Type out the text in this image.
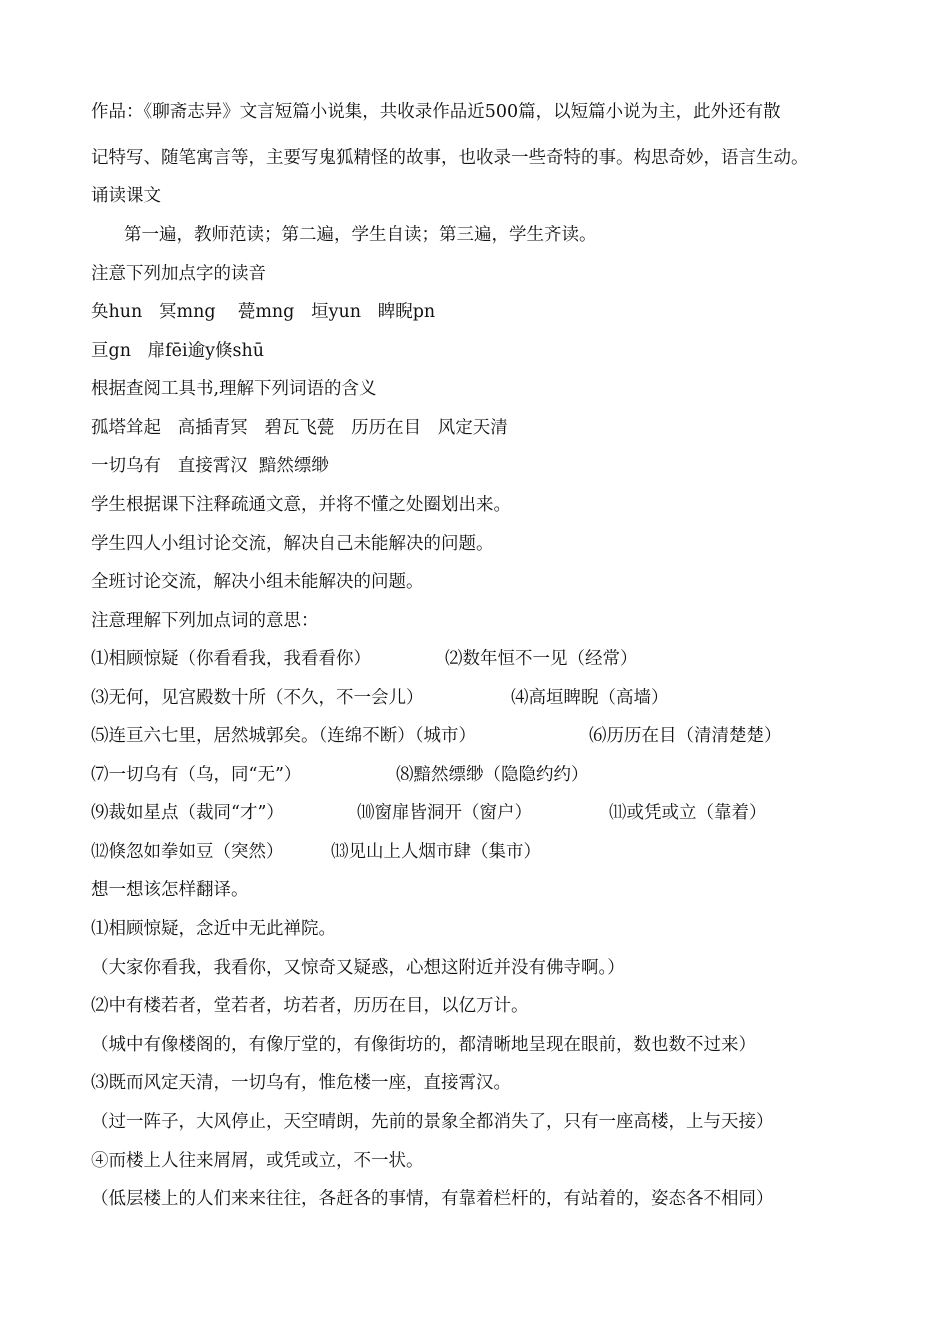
作品：《聊斋志异》文言短篇小说集，共收录作品近500篇，以短篇小说为主，此外还有散
记特写、随笔寓言等，主要写鬼狐精怪的故事，也收录一些奇特的事。构思奇妙，语言生动。
诵读课文
第一遍，教师范读；第二遍，学生自读；第三遍，学生齐读。
注意下列加点字的读音
奂hun   冥mng    甍mng   垣yun   睥睨pn
亘gn   扉fēi逾y倏shū
根据查阅工具书,理解下列词语的含义
孤塔耸起   高插青冥   碧瓦飞甍   历历在目   风定天清
一切乌有   直接霄汉  黯然缥缈
学生根据课下注释疏通文意，并将不懂之处圈划出来。
学生四人小组讨论交流，解决自己未能解决的问题。
全班讨论交流，解决小组未能解决的问题。
注意理解下列加点词的意思：

⑴相顾惊疑（你看看我，我看看你）

	⑵数年恒不一见（经常）

⑶无何，见宫殿数十所（不久，不一会儿）

	⑷高垣睥睨（高墙）

⑸连亘六七里，居然城郭矣。（连绵不断）（城市）

	⑹历历在目（清清楚楚）

⑺一切乌有（乌，同“无”）

	⑻黯然缥缈（隐隐约约）

⑼裁如星点（裁同“才”）

	⑽窗扉皆洞开（窗户）

	⑾或凭或立（靠着）

⑿倏忽如拳如豆（突然）

	⒀见山上人烟市肆（集市）

想一想该怎样翻译。
⑴相顾惊疑，念近中无此禅院。
（大家你看我，我看你，又惊奇又疑惑，心想这附近并没有佛寺啊。）
⑵中有楼若者，堂若者，坊若者，历历在目，以亿万计。
（城中有像楼阁的，有像厅堂的，有像街坊的，都清晰地呈现在眼前，数也数不过来）
⑶既而风定天清，一切乌有，惟危楼一座，直接霄汉。
（过一阵子，大风停止，天空晴朗，先前的景象全都消失了，只有一座高楼，上与天接）
④而楼上人往来屑屑，或凭或立，不一状。
（低层楼上的人们来来往往，各赶各的事情，有靠着栏杆的，有站着的，姿态各不相同）
